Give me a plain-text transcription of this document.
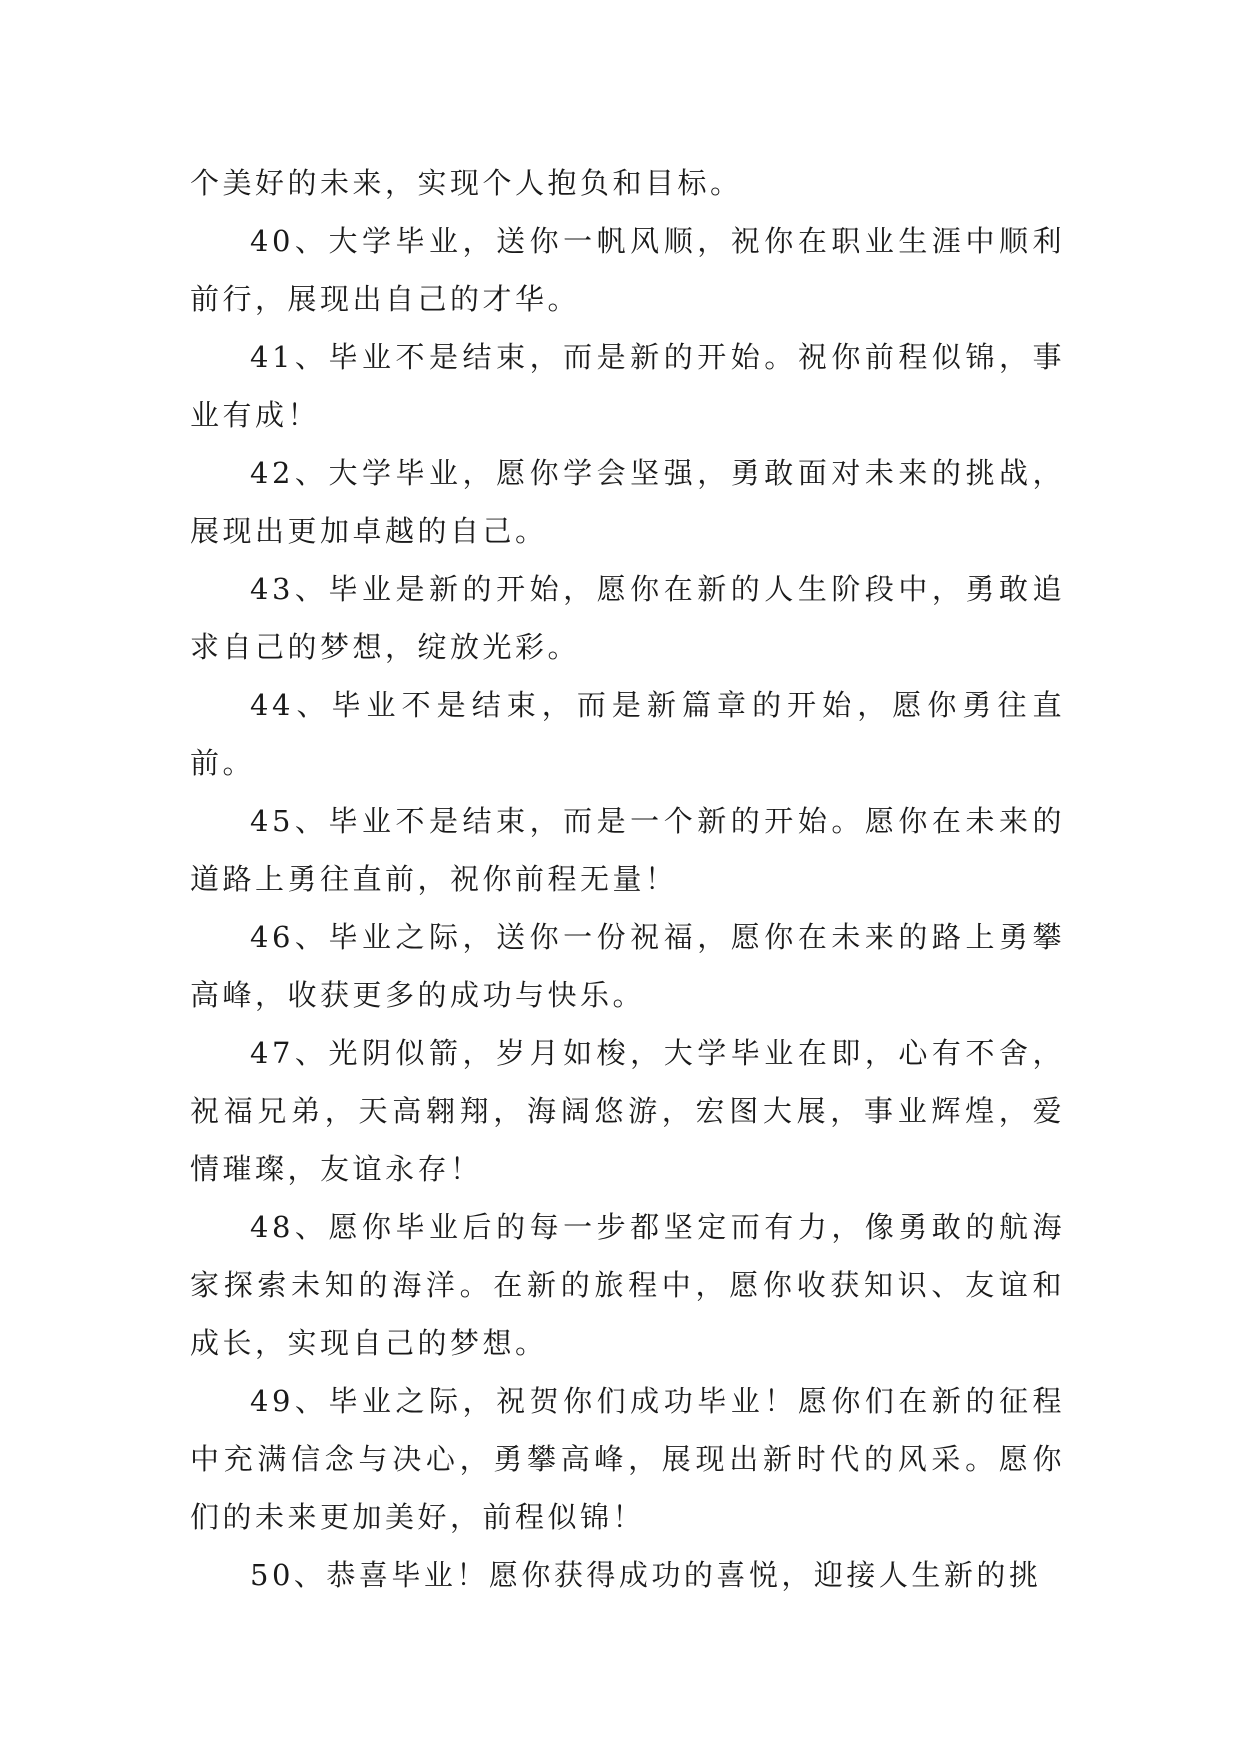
个美好的未来，实现个人抱负和目标。

40、大学毕业，送你一帆风顺，祝你在职业生涯中顺利前行，展现出自己的才华。

41、毕业不是结束，而是新的开始。祝你前程似锦，事业有成！

42、大学毕业，愿你学会坚强，勇敢面对未来的挑战，展现出更加卓越的自己。

43、毕业是新的开始，愿你在新的人生阶段中，勇敢追求自己的梦想，绽放光彩。

44、毕业不是结束，而是新篇章的开始，愿你勇往直前。

45、毕业不是结束，而是一个新的开始。愿你在未来的道路上勇往直前，祝你前程无量！

46、毕业之际，送你一份祝福，愿你在未来的路上勇攀高峰，收获更多的成功与快乐。

47、光阴似箭，岁月如梭，大学毕业在即，心有不舍，祝福兄弟，天高翱翔，海阔悠游，宏图大展，事业辉煌，爱情璀璨，友谊永存！

48、愿你毕业后的每一步都坚定而有力，像勇敢的航海家探索未知的海洋。在新的旅程中，愿你收获知识、友谊和成长，实现自己的梦想。

49、毕业之际，祝贺你们成功毕业！愿你们在新的征程中充满信念与决心，勇攀高峰，展现出新时代的风采。愿你们的未来更加美好，前程似锦！

50、恭喜毕业！愿你获得成功的喜悦，迎接人生新的挑
